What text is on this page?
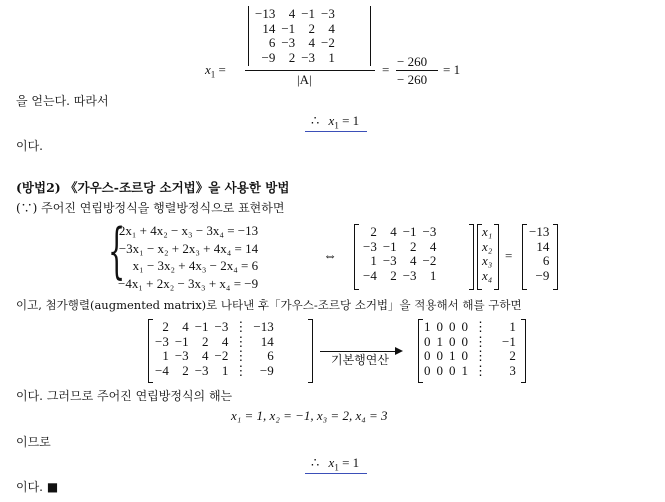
$x_1$ =
−13	4	−1	−3
14	−1	2	4
6	−3	4	−2
−9	2	−3	1
|A|
=
− 260
− 260
= 1
을 얻는다. 따라서
∴ $x_1 = 1$
이다.
(방법2) 《가우스-조르당 소거법》을 사용한 방법
(∵) 주어진 연립방정식을 행렬방정식으로 표현하면
{
2x₁ + 4x₂ − x₃ − 3x₄ = −13
−3x₁ − x₂ + 2x₃ + 4x₄ = 14
x₁ − 3x₂ + 4x₃ − 2x₄ = 6
−4x₁ + 2x₂ − 3x₃ + x₄ = −9
⇔
2	4	−1	−3
−3	−1	2	4
1	−3	4	−2
−4	2	−3	1
x₁
x₂
x₃
x₄
=
−13
14
6
−9
이고, 첨가행렬(augmented matrix)로 나타낸 후「가우스-조르당 소거법」을 적용해서 해를 구하면
2	4	−1	−3	⋮	−13
−3	−1	2	4	⋮	14
1	−3	4	−2	⋮	6
−4	2	−3	1	⋮	−9
기본행연산
1	0	0	0	⋮	1
0	1	0	0	⋮	−1
0	0	1	0	⋮	2
0	0	0	1	⋮	3
이다. 그러므로 주어진 연립방정식의 해는
x₁ = 1, x₂ = −1, x₃ = 2, x₄ = 3
이므로
∴ $x_1 = 1$
이다. ■
